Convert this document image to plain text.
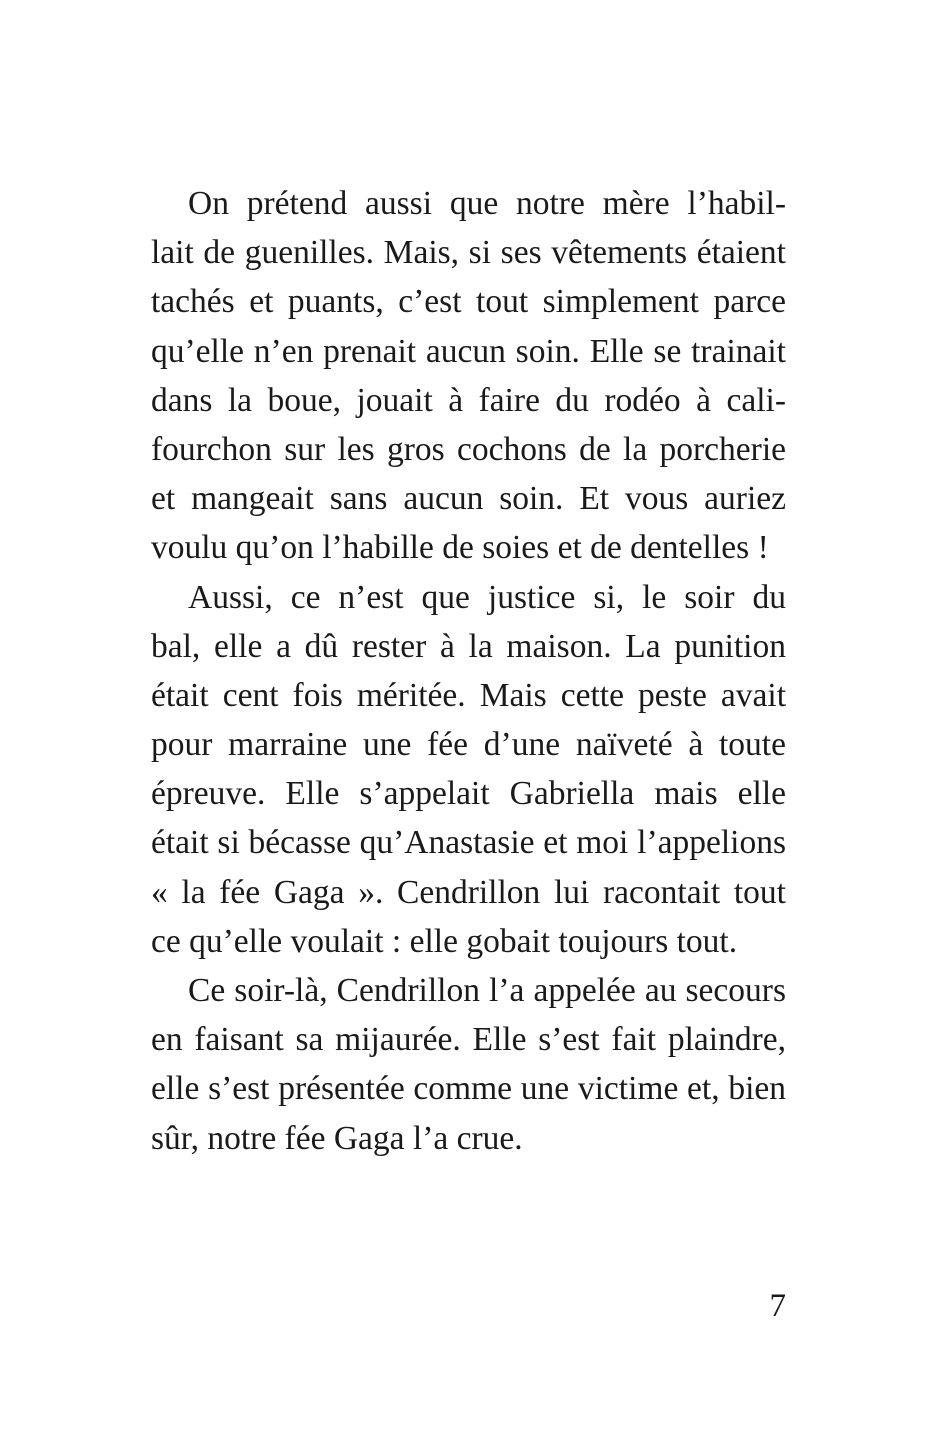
On prétend aussi que notre mère l’habil-
lait de guenilles. Mais, si ses vêtements étaient
tachés et puants, c’est tout simplement parce
qu’elle n’en prenait aucun soin. Elle se trainait
dans la boue, jouait à faire du rodéo à cali-
fourchon sur les gros cochons de la porcherie
et mangeait sans aucun soin. Et vous auriez
voulu qu’on l’habille de soies et de dentelles !
Aussi, ce n’est que justice si, le soir du
bal, elle a dû rester à la maison. La punition
était cent fois méritée. Mais cette peste avait
pour marraine une fée d’une naïveté à toute
épreuve. Elle s’appelait Gabriella mais elle
était si bécasse qu’Anastasie et moi l’appelions
« la fée Gaga ». Cendrillon lui racontait tout
ce qu’elle voulait : elle gobait toujours tout.
Ce soir-là, Cendrillon l’a appelée au secours
en faisant sa mijaurée. Elle s’est fait plaindre,
elle s’est présentée comme une victime et, bien
sûr, notre fée Gaga l’a crue.
7
